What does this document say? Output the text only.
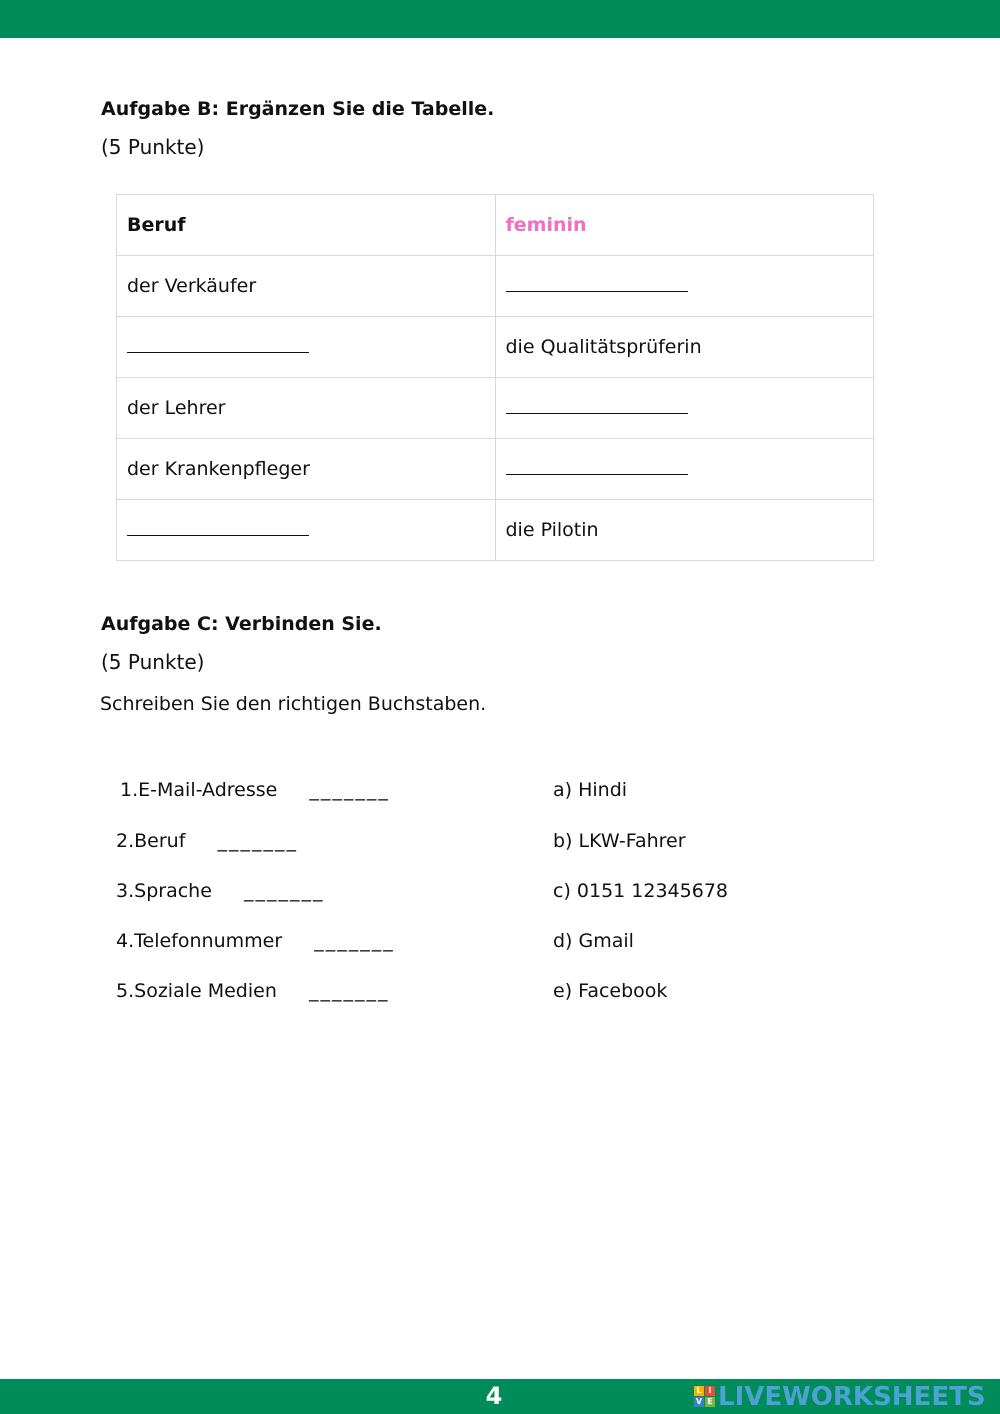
Aufgabe B: Ergänzen Sie die Tabelle.
(5 Punkte)
Beruf	feminin
der Verkäufer	
	die Qualitätsprüferin
der Lehrer	
der Krankenpfleger	
	die Pilotin
Aufgabe C: Verbinden Sie.
(5 Punkte)
Schreiben Sie den richtigen Buchstaben.
1.E-Mail-Adresse _______
2.Beruf _______
3.Sprache _______
4.Telefonnummer _______
5.Soziale Medien _______
a) Hindi
b) LKW-Fahrer
c) 0151 12345678
d) Gmail
e) Facebook
4	L I
V E LIVEWORKSHEETS
